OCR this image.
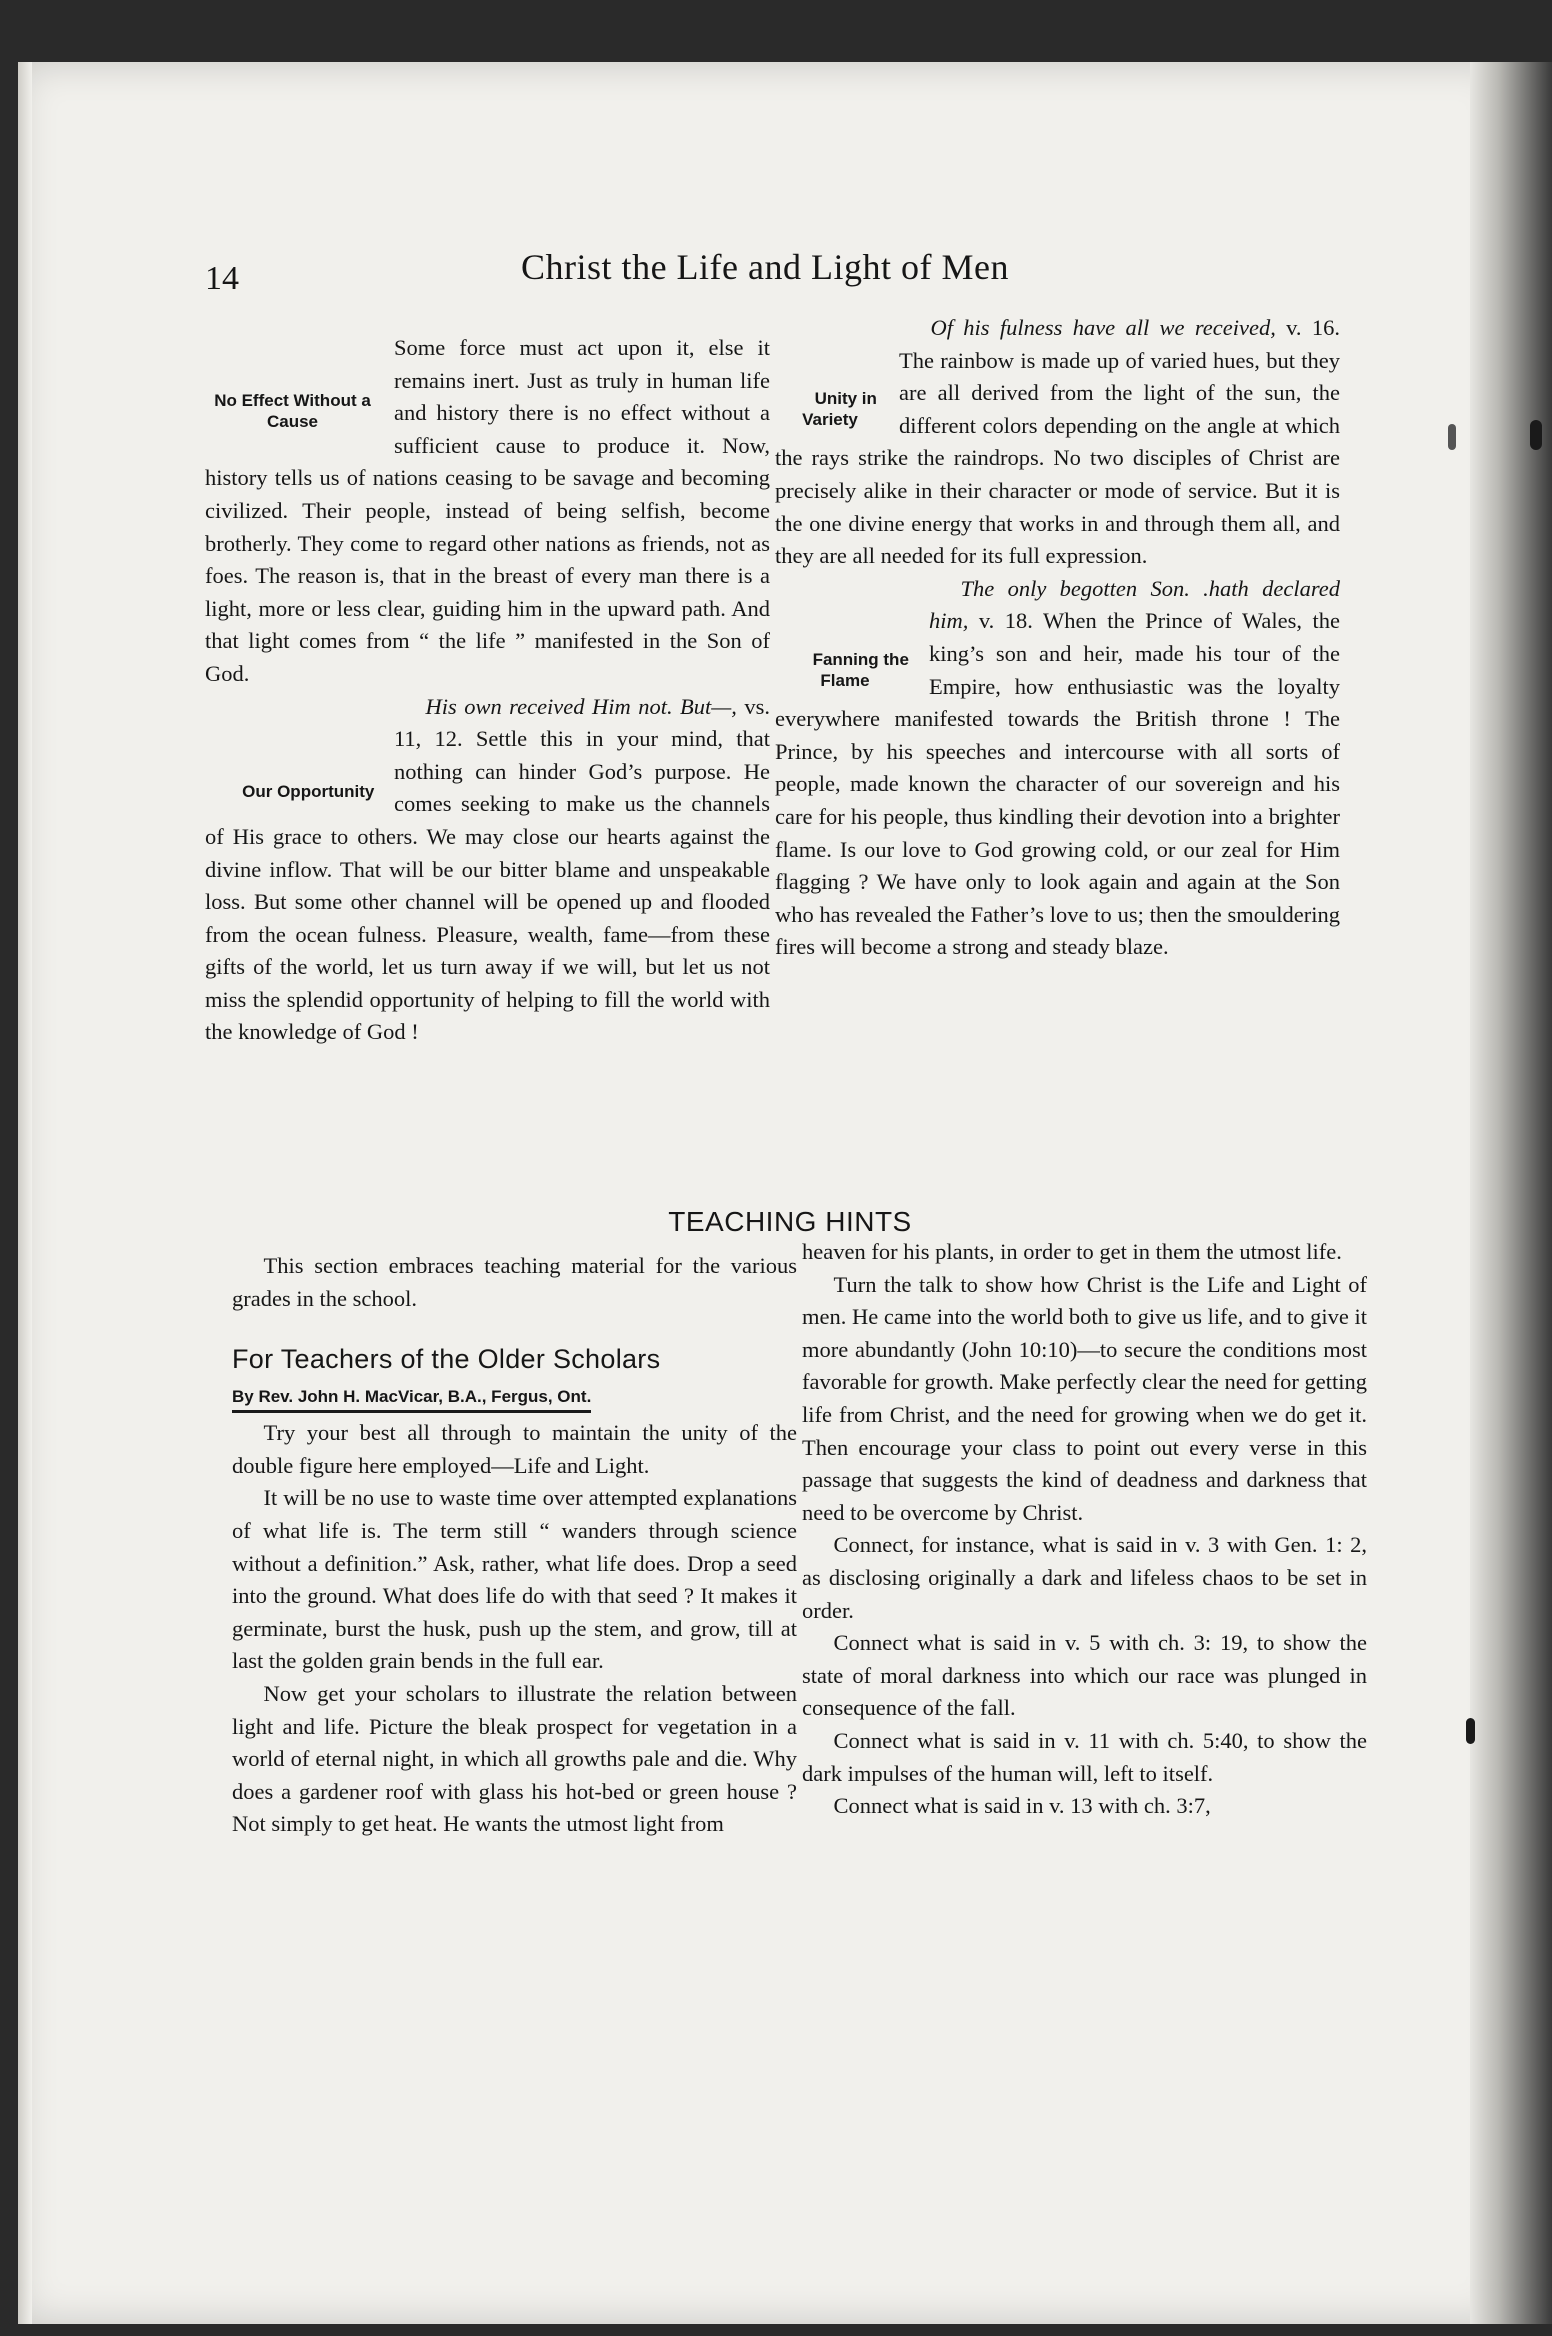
14	Christ the Life and Light of Men

No Effect Without a Cause
Some force must act upon it, else it remains inert. Just as truly in human life and history there is no effect without a sufficient cause to produce it. Now, history tells us of nations ceasing to be savage and becoming civilized. Their people, instead of being selfish, become brotherly. They come to regard other nations as friends, not as foes. The reason is, that in the breast of every man there is a light, more or less clear, guiding him in the upward path. And that light comes from “ the life ” manifested in the Son of God.

Our Opportunity
His own received Him not. But—, vs. 11, 12. Settle this in your mind, that nothing can hinder God’s purpose. He comes seeking to make us the channels of His grace to others. We may close our hearts against the divine inflow. That will be our bitter blame and unspeakable loss. But some other channel will be opened up and flooded from the ocean fulness. Pleasure, wealth, fame—from these gifts of the world, let us turn away if we will, but let us not miss the splendid opportunity of helping to fill the world with the knowledge of God !

Unity in Variety
Of his fulness have all we received, v. 16. The rainbow is made up of varied hues, but they are all derived from the light of the sun, the different colors depending on the angle at which the rays strike the raindrops. No two disciples of Christ are precisely alike in their character or mode of service. But it is the one divine energy that works in and through them all, and they are all needed for its full expression.

Fanning the Flame
The only begotten Son. .hath declared him, v. 18. When the Prince of Wales, the king’s son and heir, made his tour of the Empire, how enthusiastic was the loyalty everywhere manifested towards the British throne ! The Prince, by his speeches and intercourse with all sorts of people, made known the character of our sovereign and his care for his people, thus kindling their devotion into a brighter flame. Is our love to God growing cold, or our zeal for Him flagging ? We have only to look again and again at the Son who has revealed the Father’s love to us; then the smouldering fires will become a strong and steady blaze.

TEACHING HINTS

This section embraces teaching material for the various grades in the school.

For Teachers of the Older Scholars

By Rev. John H. MacVicar, B.A., Fergus, Ont.

Try your best all through to maintain the unity of the double figure here employed—Life and Light.

It will be no use to waste time over attempted explanations of what life is. The term still “ wanders through science without a definition.” Ask, rather, what life does. Drop a seed into the ground. What does life do with that seed ? It makes it germinate, burst the husk, push up the stem, and grow, till at last the golden grain bends in the full ear.

Now get your scholars to illustrate the relation between light and life. Picture the bleak prospect for vegetation in a world of eternal night, in which all growths pale and die. Why does a gardener roof with glass his hot-bed or green house ? Not simply to get heat. He wants the utmost light from

heaven for his plants, in order to get in them the utmost life.

Turn the talk to show how Christ is the Life and Light of men. He came into the world both to give us life, and to give it more abundantly (John 10:10)—to secure the conditions most favorable for growth. Make perfectly clear the need for getting life from Christ, and the need for growing when we do get it. Then encourage your class to point out every verse in this passage that suggests the kind of deadness and darkness that need to be overcome by Christ.

Connect, for instance, what is said in v. 3 with Gen. 1: 2, as disclosing originally a dark and lifeless chaos to be set in order.

Connect what is said in v. 5 with ch. 3: 19, to show the state of moral darkness into which our race was plunged in consequence of the fall.

Connect what is said in v. 11 with ch. 5:40, to show the dark impulses of the human will, left to itself.

Connect what is said in v. 13 with ch. 3:7,
